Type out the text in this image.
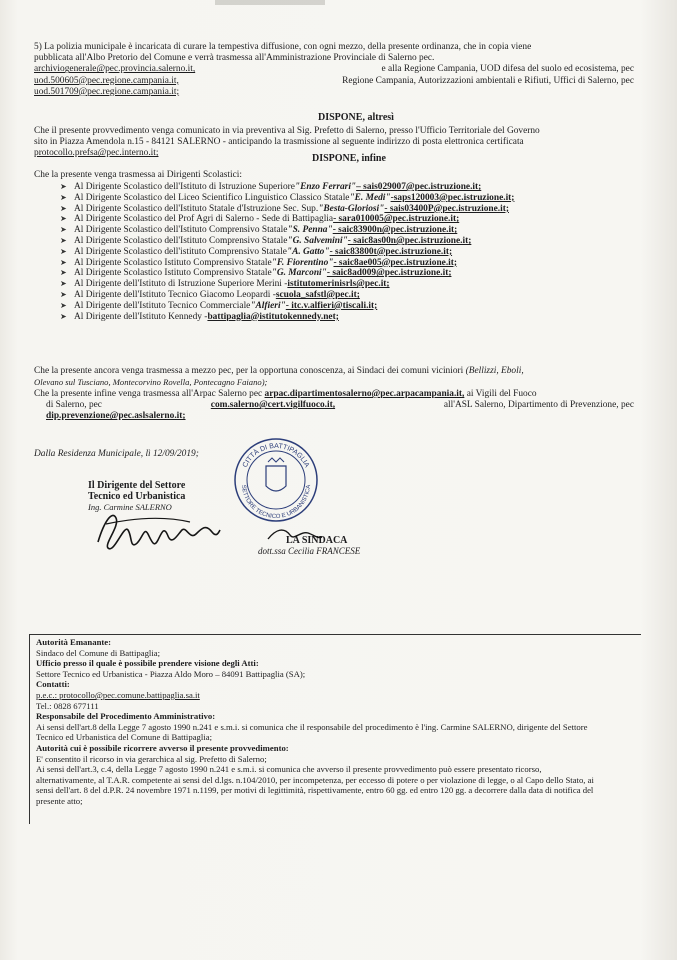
5) La polizia municipale è incaricata di curare la tempestiva diffusione, con ogni mezzo, della presente ordinanza, che in copia viene
pubblicata all'Albo Pretorio del Comune e verrà trasmessa all'Amministrazione Provinciale di Salerno pec.
archiviogenerale@pec.provincia.salerno.it,	e alla Regione Campania, UOD difesa del suolo ed ecosistema, pec
uod.500605@pec.regione.campania.it,	Regione Campania, Autorizzazioni ambientali e Rifiuti, Uffici di Salerno, pec
uod.501709@pec.regione.campania.it;
DISPONE, altresì
Che il presente provvedimento venga comunicato in via preventiva al Sig. Prefetto di Salerno, presso l'Ufficio Territoriale del Governo
sito in Piazza Amendola n.15 - 84121 SALERNO - anticipando la trasmissione al seguente indirizzo di posta elettronica certificata
protocollo.prefsa@pec.interno.it;	DISPONE, infine
Che la presente venga trasmessa ai Dirigenti Scolastici:
➤ Al Dirigente Scolastico dell'Istituto di Istruzione Superiore "Enzo Ferrari" – sais029007@pec.istruzione.it;
➤ Al Dirigente Scolastico del Liceo Scientifico Linguistico Classico Statale "E. Medi" -saps120003@pec.istruzione.it;
➤ Al Dirigente Scolastico dell'Istituto Statale d'Istruzione Sec. Sup. "Besta-Gloriosi" - sais03400P@pec.istruzione.it;
➤ Al Dirigente Scolastico del Prof Agri di Salerno - Sede di Battipaglia - sara010005@pec.istruzione.it;
➤ Al Dirigente Scolastico dell'Istituto Comprensivo Statale "S. Penna" - saic83900n@pec.istruzione.it;
➤ Al Dirigente Scolastico dell'Istituto Comprensivo Statale "G. Salvemini" - saic8as00n@pec.istruzione.it;
➤ Al Dirigente Scolastico dell'istituto Comprensivo Statale "A. Gatto" - saic83800t@pec.istruzione.it;
➤ Al Dirigente Scolastico Istituto Comprensivo Statale "F. Fiorentino" - saic8ae005@pec.istruzione.it;
➤ Al Dirigente Scolastico Istituto Comprensivo Statale "G. Marconi" - saic8ad009@pec.istruzione.it;
➤ Al Dirigente dell'Istituto di Istruzione Superiore Merini - istitutomerinisrls@pec.it;
➤ Al Dirigente dell'Istituto Tecnico Giacomo Leopardi - scuola_safstl@pec.it;
➤ Al Dirigente dell'Istituto Tecnico Commerciale "Alfieri" - itc.v.alfieri@tiscali.it;
➤ Al Dirigente dell'Istituto Kennedy - battipaglia@istitutokennedy.net;
Che la presente ancora venga trasmessa a mezzo pec, per la opportuna conoscenza, ai Sindaci dei comuni viciniori (Bellizzi, Eboli,
Olevano sul Tusciano, Montecorvino Rovella, Pontecagno Faiano);
Che la presente infine venga trasmessa all'Arpac Salerno pec arpac.dipartimentosalerno@pec.arpacampania.it, ai Vigili del Fuoco
di Salerno, pec	com.salerno@cert.vigilfuoco.it,	all'ASL Salerno, Dipartimento di Prevenzione, pec
dip.prevenzione@pec.aslsalerno.it;
Dalla Residenza Municipale, lì 12/09/2019;
Il Dirigente del Settore
Tecnico ed Urbanistica
Ing. Carmine SALERNO
CITTÀ DI BATTIPAGLIA
SETTORE TECNICO E URBANISTICA
LA SINDACA
dott.ssa Cecilia FRANCESE
Autorità Emanante:
Sindaco del Comune di Battipaglia;
Ufficio presso il quale è possibile prendere visione degli Atti:
Settore Tecnico ed Urbanistica - Piazza Aldo Moro – 84091 Battipaglia (SA);
Contatti:
p.e.c.: protocollo@pec.comune.battipaglia.sa.it
Tel.: 0828 677111
Responsabile del Procedimento Amministrativo:
Ai sensi dell'art.8 della Legge 7 agosto 1990 n.241 e s.m.i. si comunica che il responsabile del procedimento è l'ing. Carmine SALERNO, dirigente del Settore
Tecnico ed Urbanistica del Comune di Battipaglia;
Autorità cui è possibile ricorrere avverso il presente provvedimento:
E' consentito il ricorso in via gerarchica al sig. Prefetto di Salerno;
Ai sensi dell'art.3, c.4, della Legge 7 agosto 1990 n.241 e s.m.i. si comunica che avverso il presente provvedimento può essere presentato ricorso,
alternativamente, al T.A.R. competente ai sensi del d.lgs. n.104/2010, per incompetenza, per eccesso di potere o per violazione di legge, o al Capo dello Stato, ai
sensi dell'art. 8 del d.P.R. 24 novembre 1971 n.1199, per motivi di legittimità, rispettivamente, entro 60 gg. ed entro 120 gg. a decorrere dalla data di notifica del
presente atto;
